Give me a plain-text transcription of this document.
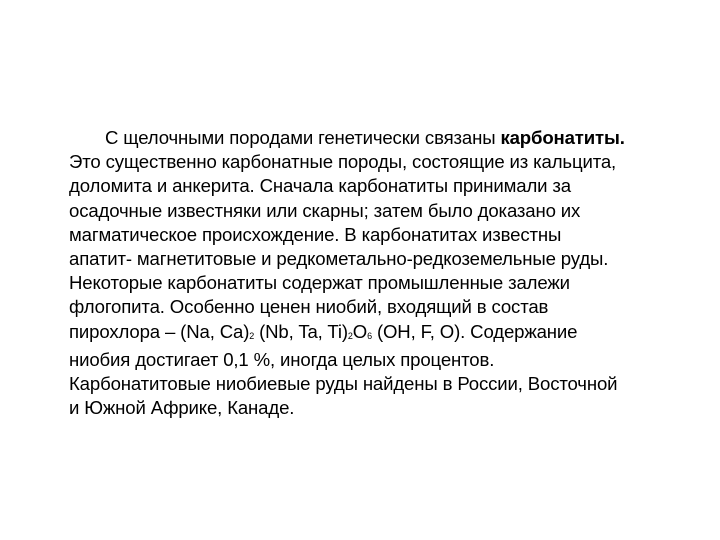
С щелочными породами генетически связаны карбонатиты.
Это существенно карбонатные породы, состоящие из кальцита,
доломита и анкерита. Сначала карбонатиты принимали за
осадочные известняки или скарны; затем было доказано их
магматическое происхождение. В карбонатитах известны
апатит- магнетитовые и редкометально-редкоземельные руды.
Некоторые карбонатиты содержат промышленные залежи
флогопита. Особенно ценен ниобий, входящий в состав
пирохлора – (Na, Ca)2 (Nb, Ta, Ti)2O6 (OH, F, O). Содержание
ниобия достигает 0,1 %, иногда целых процентов.
Карбонатитовые ниобиевые руды найдены в России, Восточной
и Южной Африке, Канаде.
